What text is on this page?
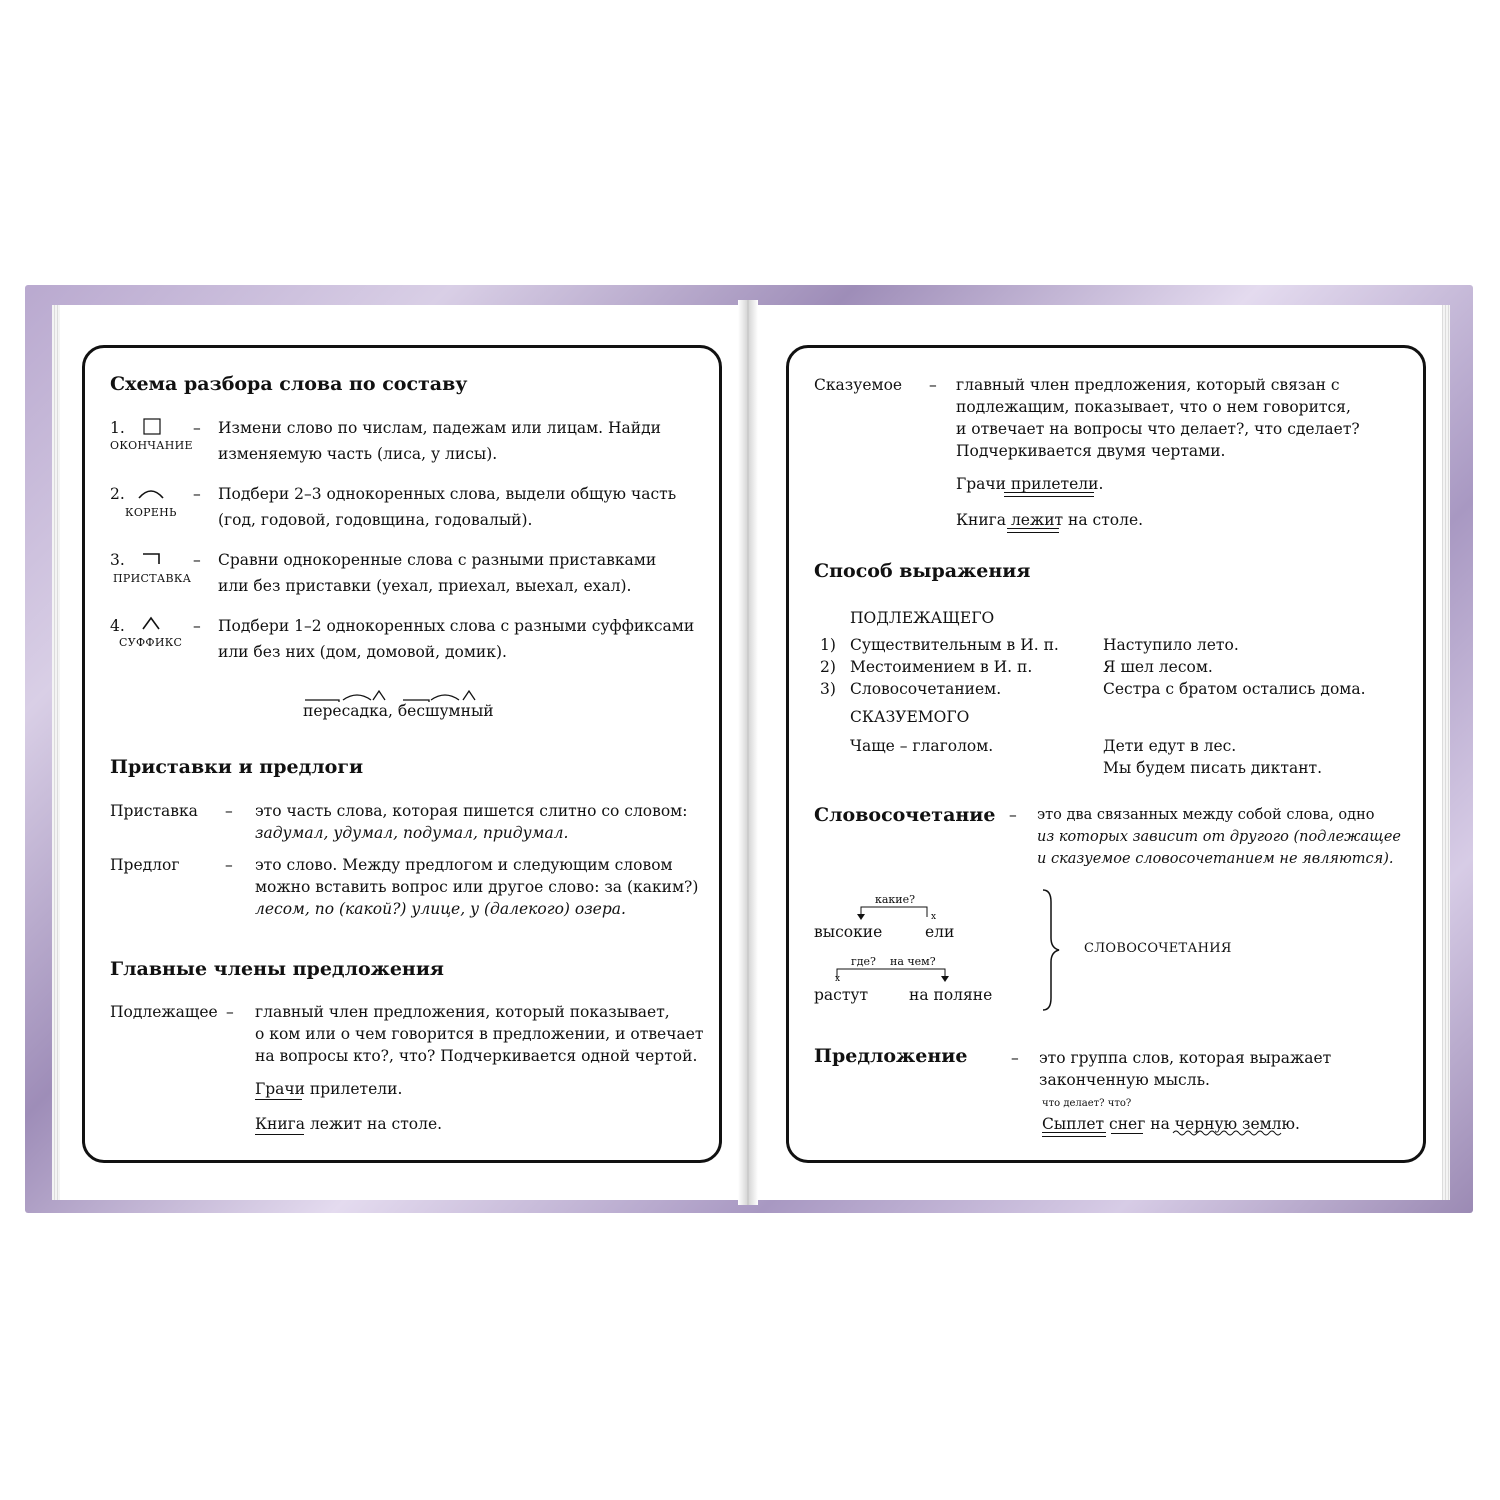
Схема разбора слова по составу
1.
ОКОНЧАНИЕ
– Измени слово по числам, падежам или лицам. Найди
изменяемую часть (лиса, у лисы).
2.
КОРЕНЬ
– Подбери 2–3 однокоренных слова, выдели общую часть
(год, годовой, годовщина, годовалый).
3.
ПРИСТАВКА
– Сравни однокоренные слова с разными приставками
или без приставки (уехал, приехал, выехал, ехал).
4.
СУФФИКС
– Подбери 1–2 однокоренных слова с разными суффиксами
или без них (дом, домовой, домик).
пересадка, бесшумный
Приставки и предлоги
Приставка – это часть слова, которая пишется слитно со словом:
задумал, удумал, подумал, придумал.
Предлог	– это слово. Между предлогом и следующим словом
можно вставить вопрос или другое слово: за (каким?)
лесом, по (какой?) улице, у (далекого) озера.
Главные члены предложения
Подлежащее – главный член предложения, который показывает,
о ком или о чем говорится в предложении, и отвечает
на вопросы кто?, что? Подчеркивается одной чертой.
Грачи прилетели.
Книга лежит на столе.
Сказуемое – главный член предложения, который связан с
подлежащим, показывает, что о нем говорится,
и отвечает на вопросы что делает?, что сделает?
Подчеркивается двумя чертами.
Грачи прилетели.
Книга лежит на столе.
Способ выражения
ПОДЛЕЖАЩЕГО
1) Существительным в И. п.	Наступило лето.
2) Местоимением в И. п.	Я шел лесом.
3) Словосочетанием.	Сестра с братом остались дома.
СКАЗУЕМОГО
Чаще – глаголом.	Дети едут в лес.
Мы будем писать диктант.
Словосочетание – это два связанных между собой слова, одно
из которых зависит от другого (подлежащее
и сказуемое словосочетанием не являются).
какие?
x
высокие	ели
где? на чем?
x
растут	на поляне
СЛОВОСОЧЕТАНИЯ
Предложение	– это группа слов, которая выражает
законченную мысль.
что делает? что?
Сыплет снег на черную землю.
